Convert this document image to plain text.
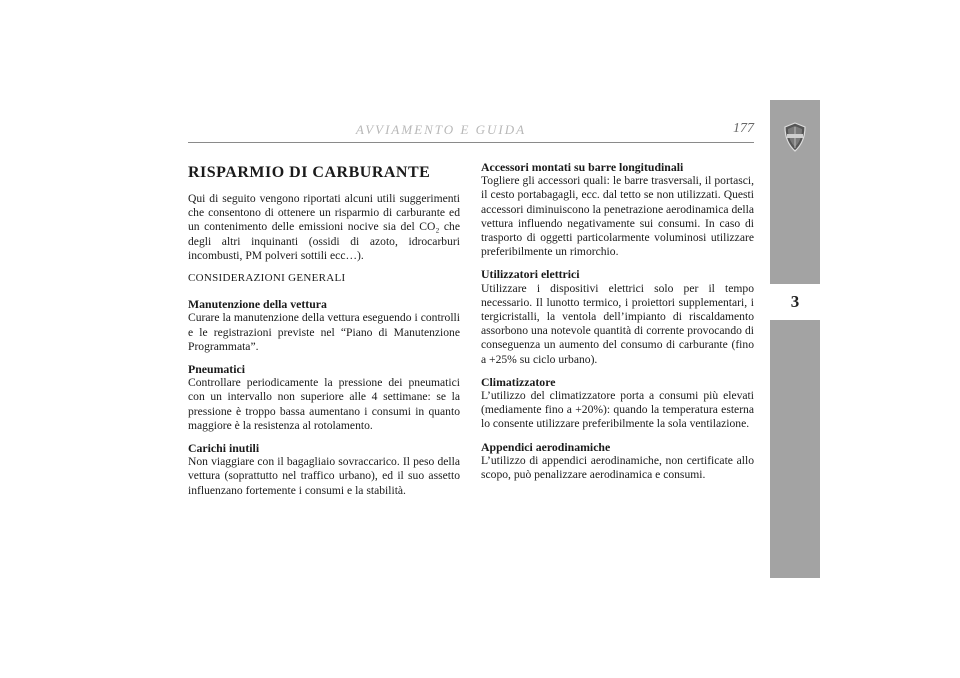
AVVIAMENTO E GUIDA	177
3
RISPARMIO DI CARBURANTE

Qui di seguito vengono riportati alcuni utili suggerimenti che consentono di ottenere un risparmio di carburante ed un contenimento delle emissioni nocive sia del CO₂ che degli altri inquinanti (ossidi di azoto, idrocarburi incombusti, PM polveri sottili ecc…).

CONSIDERAZIONI GENERALI
Manutenzione della vettura

Curare la manutenzione della vettura eseguendo i controlli e le registrazioni previste nel “Piano di Manutenzione Programmata”.

Pneumatici

Controllare periodicamente la pressione dei pneumatici con un intervallo non superiore alle 4 settimane: se la pressione è troppo bassa aumentano i consumi in quanto maggiore è la resistenza al rotolamento.

Carichi inutili

Non viaggiare con il bagagliaio sovraccarico. Il peso della vettura (soprattutto nel traffico urbano), ed il suo assetto influenzano fortemente i consumi e la stabilità.

Accessori montati su barre longitudinali

Togliere gli accessori quali: le barre trasversali, il portasci, il cesto portabagagli, ecc. dal tetto se non utilizzati. Questi accessori diminuiscono la penetrazione aerodinamica della vettura influendo negativamente sui consumi. In caso di trasporto di oggetti particolarmente voluminosi utilizzare preferibilmente un rimorchio.

Utilizzatori elettrici

Utilizzare i dispositivi elettrici solo per il tempo necessario. Il lunotto termico, i proiettori supplementari, i tergicristalli, la ventola dell’impianto di riscaldamento assorbono una notevole quantità di corrente provocando di conseguenza un aumento del consumo di carburante (fino a +25% su ciclo urbano).

Climatizzatore

L’utilizzo del climatizzatore porta a consumi più elevati (mediamente fino a +20%): quando la temperatura esterna lo consente utilizzare preferibilmente la sola ventilazione.

Appendici aerodinamiche

L’utilizzo di appendici aerodinamiche, non certificate allo scopo, può penalizzare aerodinamica e consumi.
